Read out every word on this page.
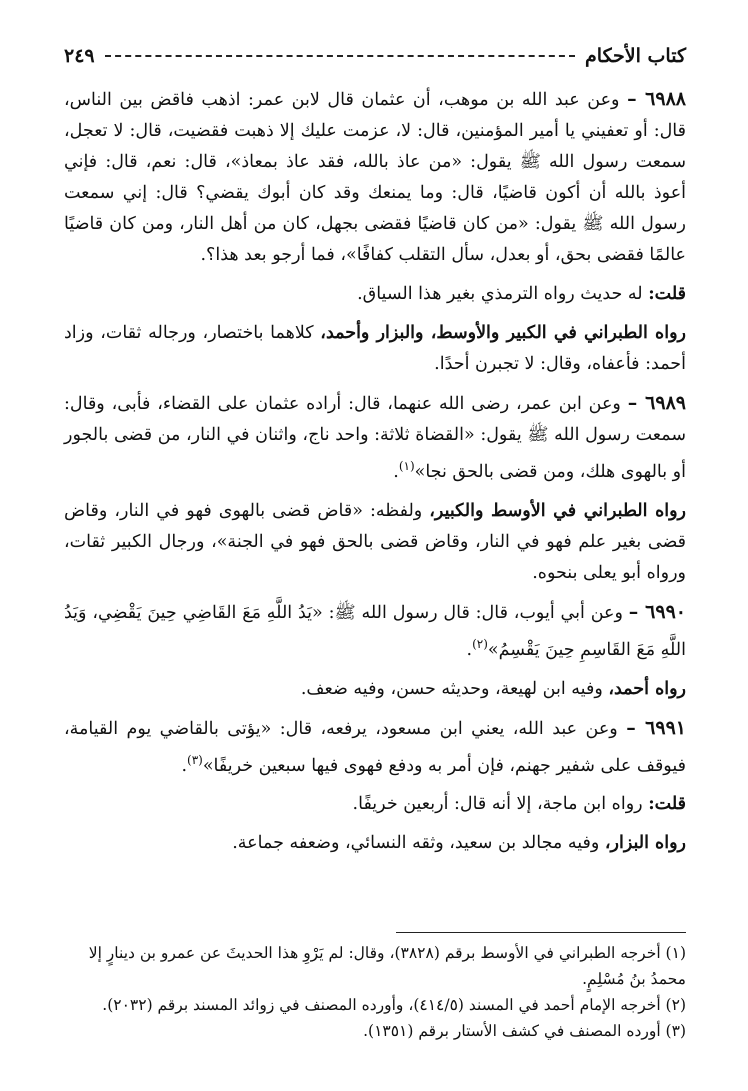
كتاب الأحكام
٢٤٩

٦٩٨٨ – وعن عبد الله بن موهب، أن عثمان قال لابن عمر: اذهب فاقض بين الناس، قال: أو تعفيني يا أمير المؤمنين، قال: لا، عزمت عليك إلا ذهبت فقضيت، قال: لا تعجل، سمعت رسول الله ﷺ يقول: «من عاذ بالله، فقد عاذ بمعاذ»، قال: نعم، قال: فإني أعوذ بالله أن أكون قاضيًا، قال: وما يمنعك وقد كان أبوك يقضي؟ قال: إني سمعت رسول الله ﷺ يقول: «من كان قاضيًا فقضى بجهل، كان من أهل النار، ومن كان قاضيًا عالمًا فقضى بحق، أو بعدل، سأل التقلب كفافًا»، فما أرجو بعد هذا؟.

قلت: له حديث رواه الترمذي بغير هذا السياق.

رواه الطبراني في الكبير والأوسط، والبزار وأحمد، كلاهما باختصار، ورجاله ثقات، وزاد أحمد: فأعفاه، وقال: لا تجبرن أحدًا.

٦٩٨٩ – وعن ابن عمر، رضى الله عنهما، قال: أراده عثمان على القضاء، فأبى، وقال: سمعت رسول الله ﷺ يقول: «القضاة ثلاثة: واحد ناج، واثنان في النار، من قضى بالجور أو بالهوى هلك، ومن قضى بالحق نجا»$^{(١)}$.

رواه الطبراني في الأوسط والكبير، ولفظه: «قاض قضى بالهوى فهو في النار، وقاض قضى بغير علم فهو في النار، وقاض قضى بالحق فهو في الجنة»، ورجال الكبير ثقات، ورواه أبو يعلى بنحوه.

٦٩٩٠ – وعن أبي أيوب، قال: قال رسول الله ﷺ: «يَدُ اللَّهِ مَعَ القَاضِي حِينَ يَقْضِي، وَيَدُ اللَّهِ مَعَ القَاسِمِ حِينَ يَقْسِمُ»$^{(٢)}$.

رواه أحمد، وفيه ابن لهيعة، وحديثه حسن، وفيه ضعف.

٦٩٩١ – وعن عبد الله، يعني ابن مسعود، يرفعه، قال: «يؤتى بالقاضي يوم القيامة، فيوقف على شفير جهنم، فإن أمر به ودفع فهوى فيها سبعين خريفًا»$^{(٣)}$.

قلت: رواه ابن ماجة، إلا أنه قال: أربعين خريفًا.

رواه البزار، وفيه مجالد بن سعيد، وثقه النسائي، وضعفه جماعة.

(١) أخرجه الطبراني في الأوسط برقم (٣٨٢٨)، وقال: لم يَرْوِ هذا الحديثَ عن عمرو بن دينارٍ إلا محمدُ بنُ مُسْلِمٍ.
(٢) أخرجه الإمام أحمد في المسند (٤١٤/٥)، وأورده المصنف في زوائد المسند برقم (٢٠٣٢).
(٣) أورده المصنف في كشف الأستار برقم (١٣٥١).
